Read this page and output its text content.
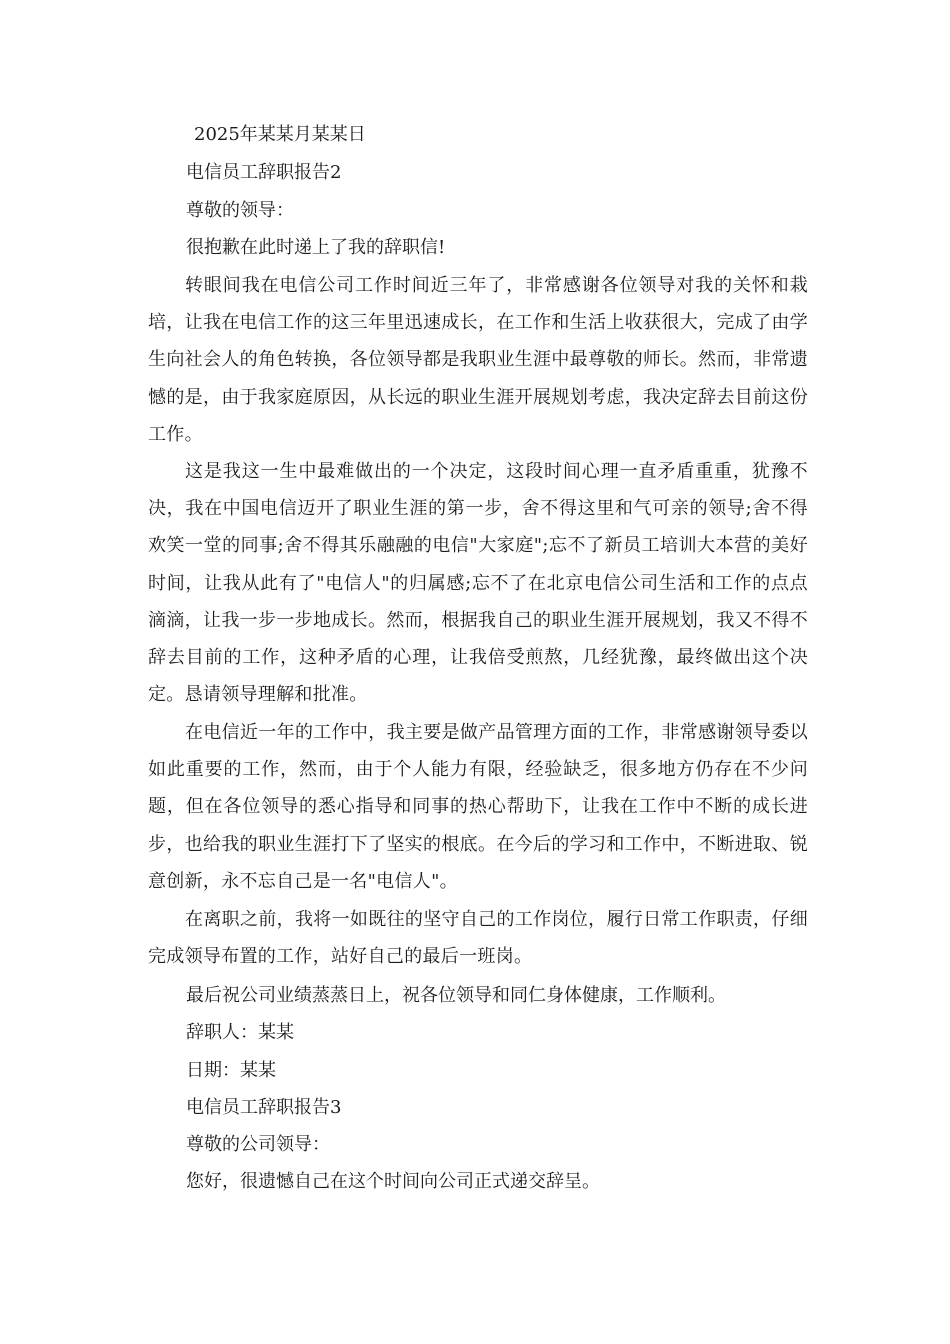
2025年某某月某某日
电信员工辞职报告2
尊敬的领导：
很抱歉在此时递上了我的辞职信!
转眼间我在电信公司工作时间近三年了，非常感谢各位领导对我的关怀和栽培，让我在电信工作的这三年里迅速成长，在工作和生活上收获很大，完成了由学生向社会人的角色转换，各位领导都是我职业生涯中最尊敬的师长。然而，非常遗憾的是，由于我家庭原因，从长远的职业生涯开展规划考虑，我决定辞去目前这份工作。
这是我这一生中最难做出的一个决定，这段时间心理一直矛盾重重，犹豫不决，我在中国电信迈开了职业生涯的第一步，舍不得这里和气可亲的领导;舍不得欢笑一堂的同事;舍不得其乐融融的电信"大家庭";忘不了新员工培训大本营的美好时间，让我从此有了"电信人"的归属感;忘不了在北京电信公司生活和工作的点点滴滴，让我一步一步地成长。然而，根据我自己的职业生涯开展规划，我又不得不辞去目前的工作，这种矛盾的心理，让我倍受煎熬，几经犹豫，最终做出这个决定。恳请领导理解和批准。
在电信近一年的工作中，我主要是做产品管理方面的工作，非常感谢领导委以如此重要的工作，然而，由于个人能力有限，经验缺乏，很多地方仍存在不少问题，但在各位领导的悉心指导和同事的热心帮助下，让我在工作中不断的成长进步，也给我的职业生涯打下了坚实的根底。在今后的学习和工作中，不断进取、锐意创新，永不忘自己是一名"电信人"。
在离职之前，我将一如既往的坚守自己的工作岗位，履行日常工作职责，仔细完成领导布置的工作，站好自己的最后一班岗。
最后祝公司业绩蒸蒸日上，祝各位领导和同仁身体健康，工作顺利。
辞职人：某某
日期：某某
电信员工辞职报告3
尊敬的公司领导：
您好，很遗憾自己在这个时间向公司正式递交辞呈。
